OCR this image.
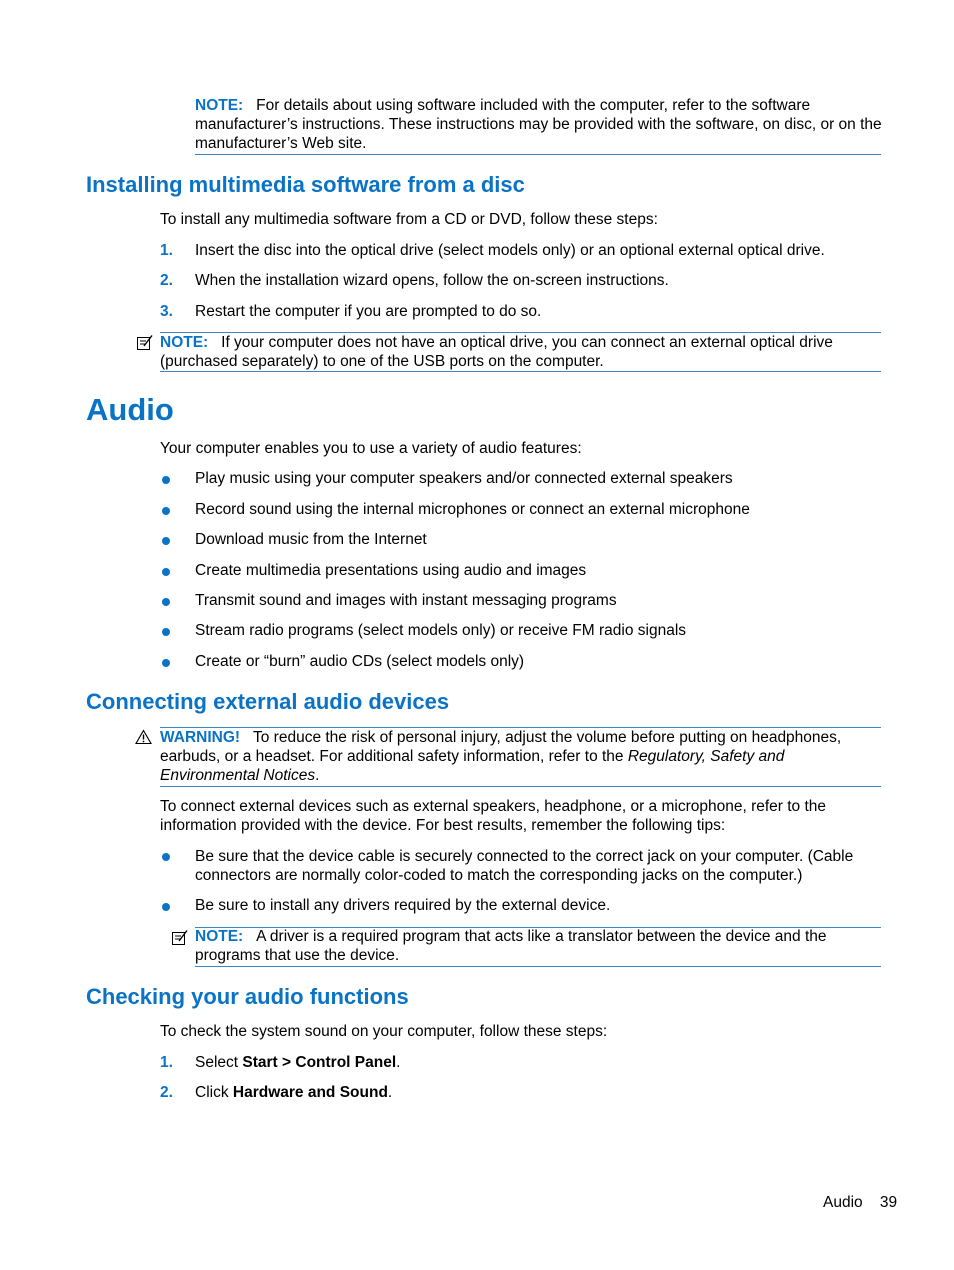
NOTE: For details about using software included with the computer, refer to the software manufacturer’s instructions. These instructions may be provided with the software, on disc, or on the manufacturer’s Web site.
Installing multimedia software from a disc
To install any multimedia software from a CD or DVD, follow these steps:
1. Insert the disc into the optical drive (select models only) or an optional external optical drive.
2. When the installation wizard opens, follow the on-screen instructions.
3. Restart the computer if you are prompted to do so.
NOTE: If your computer does not have an optical drive, you can connect an external optical drive (purchased separately) to one of the USB ports on the computer.
Audio
Your computer enables you to use a variety of audio features:
Play music using your computer speakers and/or connected external speakers
Record sound using the internal microphones or connect an external microphone
Download music from the Internet
Create multimedia presentations using audio and images
Transmit sound and images with instant messaging programs
Stream radio programs (select models only) or receive FM radio signals
Create or “burn” audio CDs (select models only)
Connecting external audio devices
WARNING! To reduce the risk of personal injury, adjust the volume before putting on headphones, earbuds, or a headset. For additional safety information, refer to the Regulatory, Safety and Environmental Notices.
To connect external devices such as external speakers, headphone, or a microphone, refer to the information provided with the device. For best results, remember the following tips:
Be sure that the device cable is securely connected to the correct jack on your computer. (Cable connectors are normally color-coded to match the corresponding jacks on the computer.)
Be sure to install any drivers required by the external device.
NOTE: A driver is a required program that acts like a translator between the device and the programs that use the device.
Checking your audio functions
To check the system sound on your computer, follow these steps:
1. Select Start > Control Panel.
2. Click Hardware and Sound.
Audio 39
